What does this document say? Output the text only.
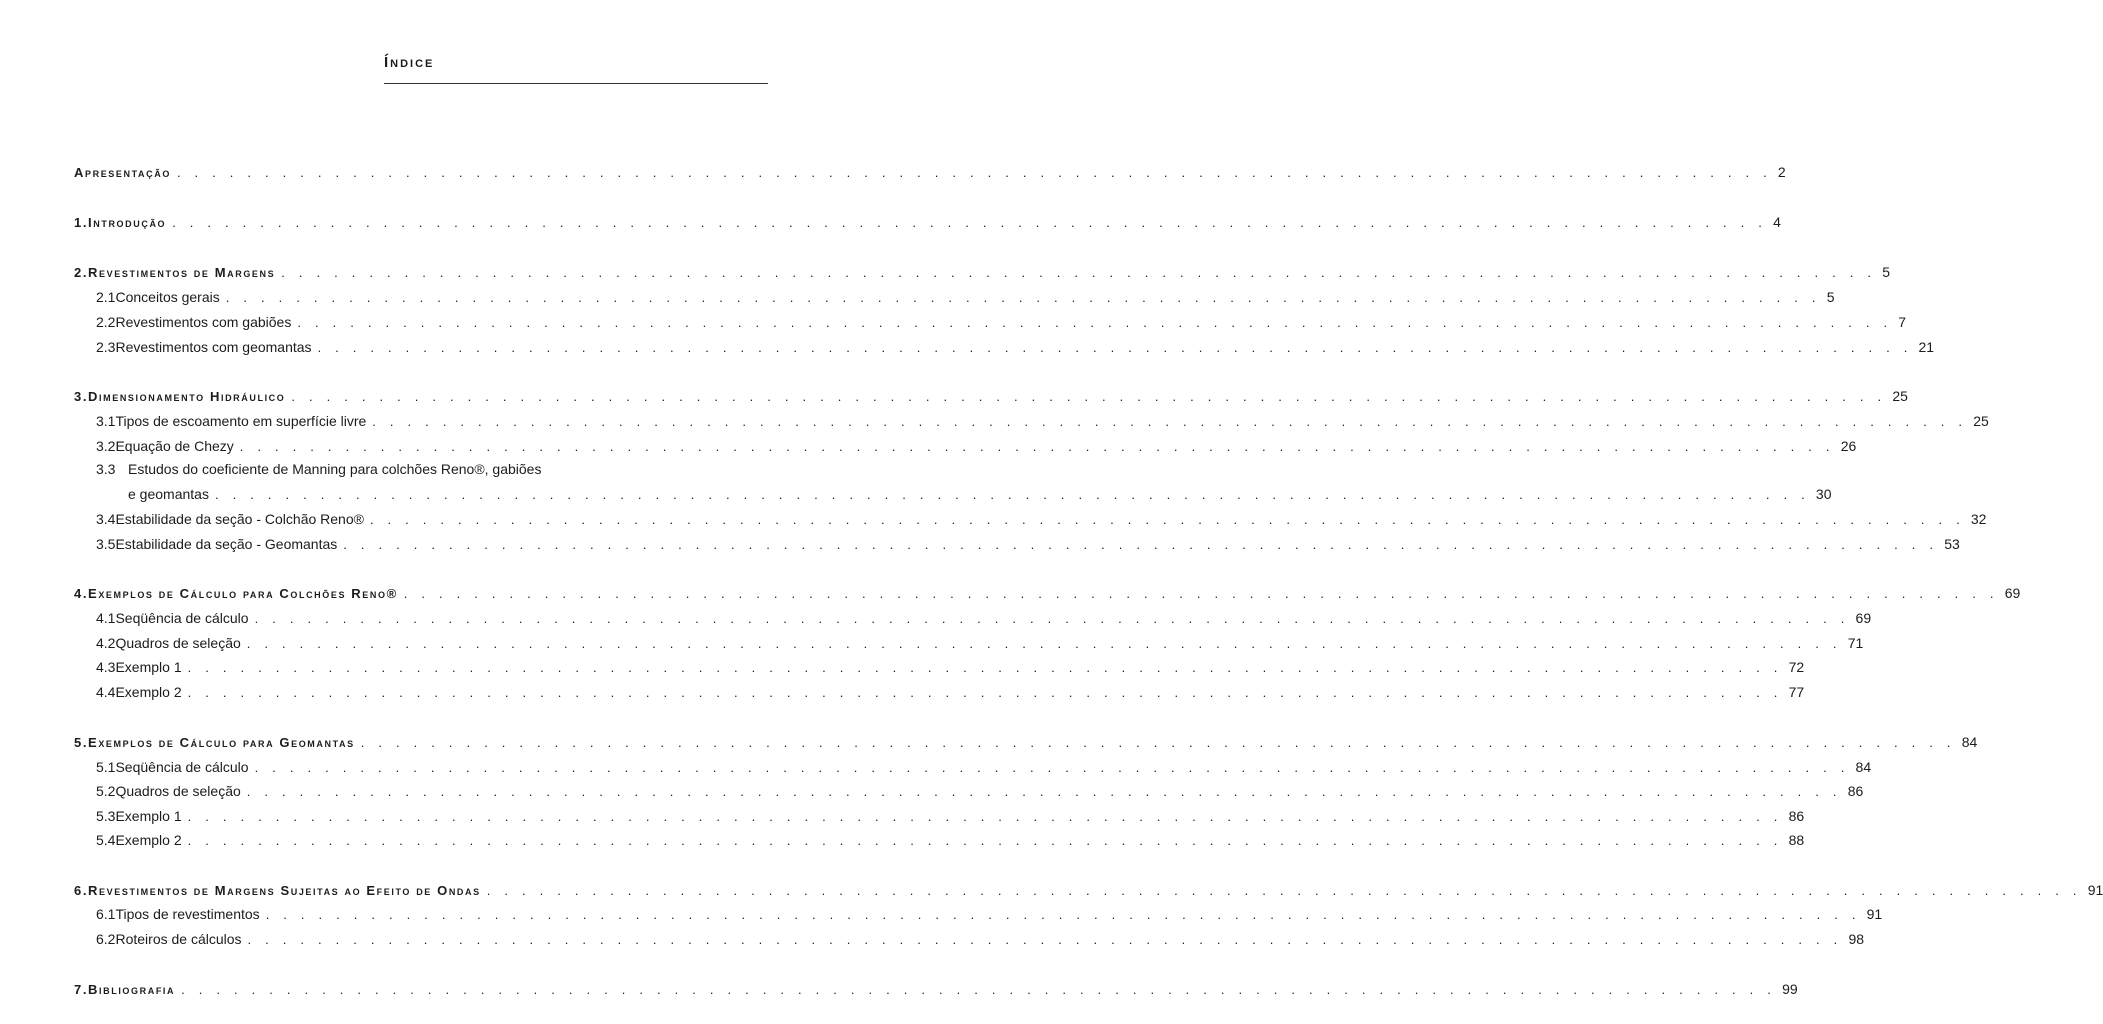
Índice
Apresentação . . .	2
1. Introdução . . .	4
2. Revestimentos de Margens . . .	5
2.1 Conceitos gerais . . .	5
2.2 Revestimentos com gabiões . . .	7
2.3 Revestimentos com geomantas . . .	21
3. Dimensionamento Hidráulico . . .	25
3.1 Tipos de escoamento em superfície livre . . .	25
3.2 Equação de Chezy . . .	26
3.3 Estudos do coeficiente de Manning para colchões Reno®, gabiões
e geomantas . . .	30
3.4 Estabilidade da seção - Colchão Reno® . . .	32
3.5 Estabilidade da seção - Geomantas . . .	53
4. Exemplos de Cálculo para Colchões Reno® . . .	69
4.1 Seqüência de cálculo . . .	69
4.2 Quadros de seleção . . .	71
4.3 Exemplo 1 . . .	72
4.4 Exemplo 2 . . .	77
5. Exemplos de Cálculo para Geomantas . . .	84
5.1 Seqüência de cálculo . . .	84
5.2 Quadros de seleção . . .	86
5.3 Exemplo 1 . . .	86
5.4 Exemplo 2 . . .	88
6. Revestimentos de Margens Sujeitas ao Efeito de Ondas . . .	91
6.1 Tipos de revestimentos . . .	91
6.2 Roteiros de cálculos . . .	98
7. Bibliografia . . .	99
